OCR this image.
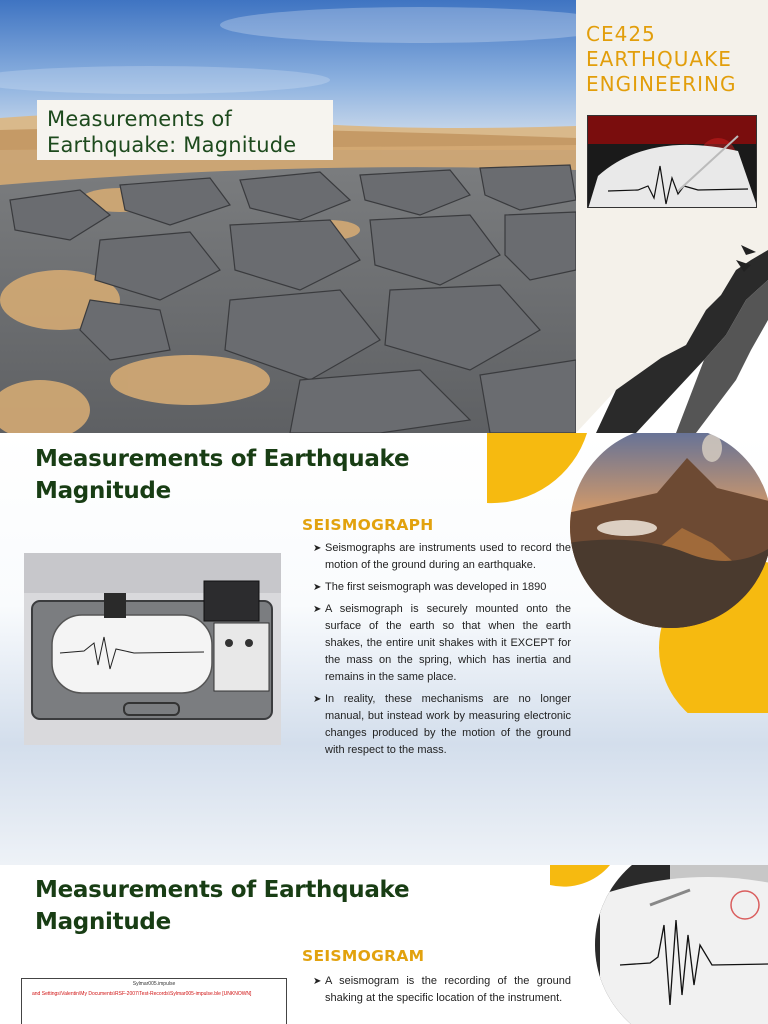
Measurements of
Earthquake: Magnitude
CE425
EARTHQUAKE
ENGINEERING
Measurements of Earthquake
Magnitude
SEISMOGRAPH
➤ Seismographs are instruments used to record the motion of the ground during an earthquake.
➤ The first seismograph was developed in 1890
➤ A seismograph is securely mounted onto the surface of the earth so that when the earth shakes, the entire unit shakes with it EXCEPT for the mass on the spring, which has inertia and remains in the same place.
➤ In reality, these mechanisms are no longer manual, but instead work by measuring electronic changes produced by the motion of the ground with respect to the mass.
Measurements of Earthquake
Magnitude
SEISMOGRAM
Sylmar005.impulse
and Settings\Valentin\My Documents\RSF-2007\Test-Records\Sylmar005-impulse.ble [UNKNOWN]
➤ A seismogram is the recording of the ground shaking at the specific location of the instrument.
